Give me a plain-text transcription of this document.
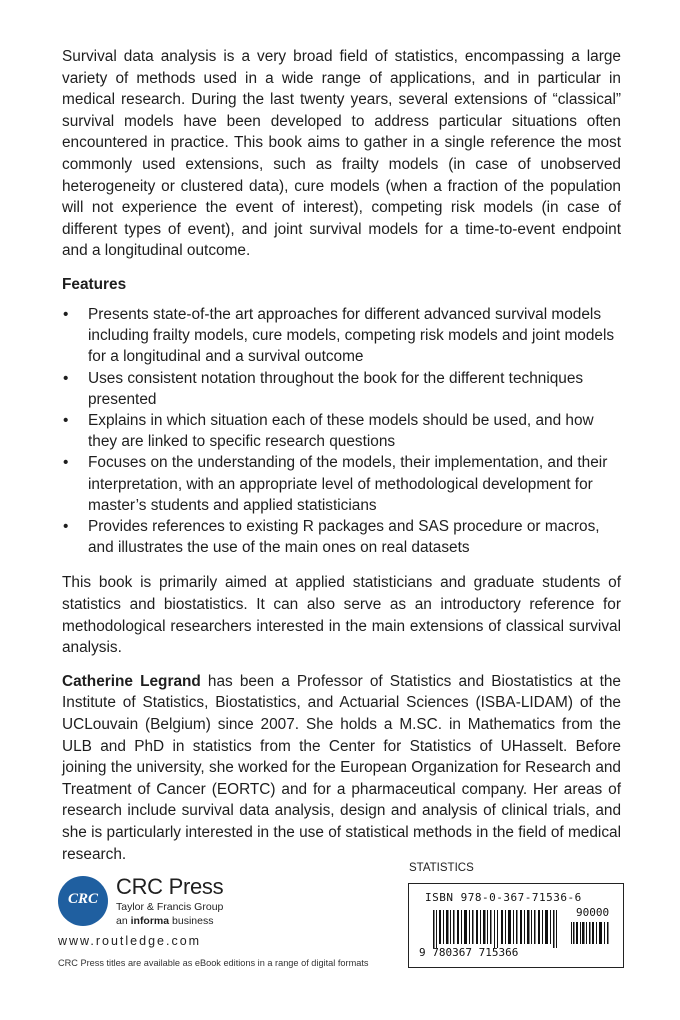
Survival data analysis is a very broad field of statistics, encompassing a large variety of methods used in a wide range of applications, and in particular in medical research. During the last twenty years, several extensions of “classical” survival models have been developed to address particular situations often encountered in practice. This book aims to gather in a single reference the most commonly used extensions, such as frailty models (in case of unobserved heterogeneity or clustered data), cure models (when a fraction of the population will not experience the event of interest), competing risk models (in case of different types of event), and joint survival models for a time-to-event endpoint and a longitudinal outcome.

Features
• Presents state-of-the art approaches for different advanced survival models including frailty models, cure models, competing risk models and joint models for a longitudinal and a survival outcome
• Uses consistent notation throughout the book for the different techniques presented
• Explains in which situation each of these models should be used, and how they are linked to specific research questions
• Focuses on the understanding of the models, their implementation, and their interpretation, with an appropriate level of methodological development for master’s students and applied statisticians
• Provides references to existing R packages and SAS procedure or macros, and illustrates the use of the main ones on real datasets

This book is primarily aimed at applied statisticians and graduate students of statistics and biostatistics. It can also serve as an introductory reference for methodological researchers interested in the main extensions of classical survival analysis.

Catherine Legrand has been a Professor of Statistics and Biostatistics at the Institute of Statistics, Biostatistics, and Actuarial Sciences (ISBA-LIDAM) of the UCLouvain (Belgium) since 2007. She holds a M.SC. in Mathematics from the ULB and PhD in statistics from the Center for Statistics of UHasselt. Before joining the university, she worked for the European Organization for Research and Treatment of Cancer (EORTC) and for a pharmaceutical company. Her areas of research include survival data analysis, design and analysis of clinical trials, and she is particularly interested in the use of statistical methods in the field of medical research.

CRC CRC Press
Taylor & Francis Group
an informa business
www.routledge.com
CRC Press titles are available as eBook editions in a range of digital formats
STATISTICS
ISBN 978-0-367-71536-6
90000
9 780367 715366
